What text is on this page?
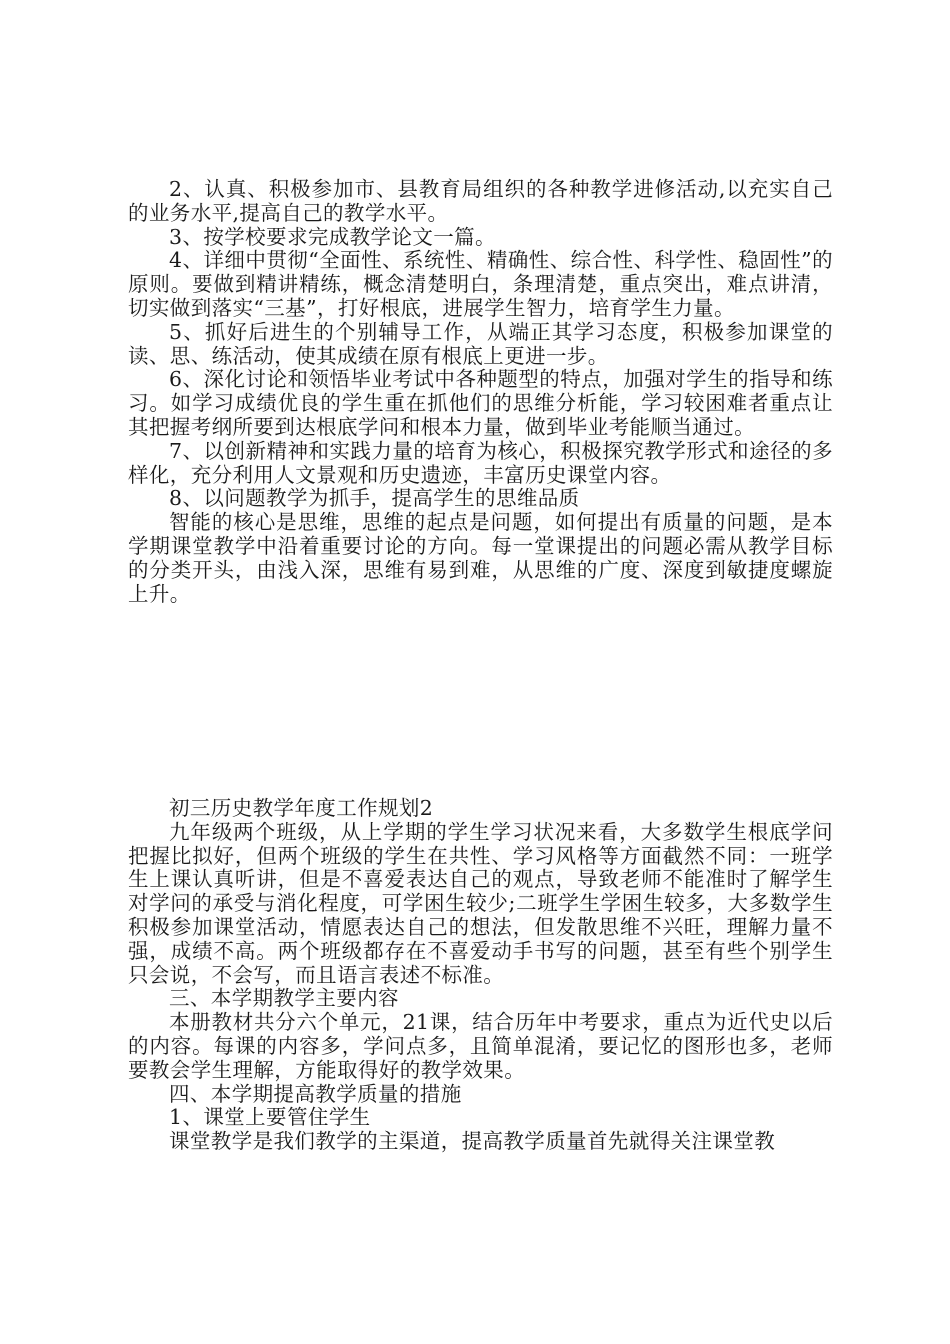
2、认真、积极参加市、县教育局组织的各种教学进修活动,以充实自己的业务水平,提高自己的教学水平。

3、按学校要求完成教学论文一篇。

4、详细中贯彻“全面性、系统性、精确性、综合性、科学性、稳固性”的原则。要做到精讲精练，概念清楚明白，条理清楚，重点突出，难点讲清，切实做到落实“三基”，打好根底，进展学生智力，培育学生力量。

5、抓好后进生的个别辅导工作，从端正其学习态度，积极参加课堂的读、思、练活动，使其成绩在原有根底上更进一步。

6、深化讨论和领悟毕业考试中各种题型的特点，加强对学生的指导和练习。如学习成绩优良的学生重在抓他们的思维分析能，学习较困难者重点让其把握考纲所要到达根底学问和根本力量，做到毕业考能顺当通过。

7、以创新精神和实践力量的培育为核心，积极探究教学形式和途径的多样化，充分利用人文景观和历史遗迹，丰富历史课堂内容。

8、以问题教学为抓手，提高学生的思维品质

智能的核心是思维，思维的起点是问题，如何提出有质量的问题，是本学期课堂教学中沿着重要讨论的方向。每一堂课提出的问题必需从教学目标的分类开头，由浅入深，思维有易到难，从思维的广度、深度到敏捷度螺旋上升。

初三历史教学年度工作规划2

九年级两个班级，从上学期的学生学习状况来看，大多数学生根底学问把握比拟好，但两个班级的学生在共性、学习风格等方面截然不同：一班学生上课认真听讲，但是不喜爱表达自己的观点，导致老师不能准时了解学生对学问的承受与消化程度，可学困生较少;二班学生学困生较多，大多数学生积极参加课堂活动，情愿表达自己的想法，但发散思维不兴旺，理解力量不强，成绩不高。两个班级都存在不喜爱动手书写的问题，甚至有些个别学生只会说，不会写，而且语言表述不标准。

三、本学期教学主要内容

本册教材共分六个单元，21课，结合历年中考要求，重点为近代史以后的内容。每课的内容多，学问点多，且简单混淆，要记忆的图形也多，老师要教会学生理解，方能取得好的教学效果。

四、本学期提高教学质量的措施

1、课堂上要管住学生

课堂教学是我们教学的主渠道，提高教学质量首先就得关注课堂教
